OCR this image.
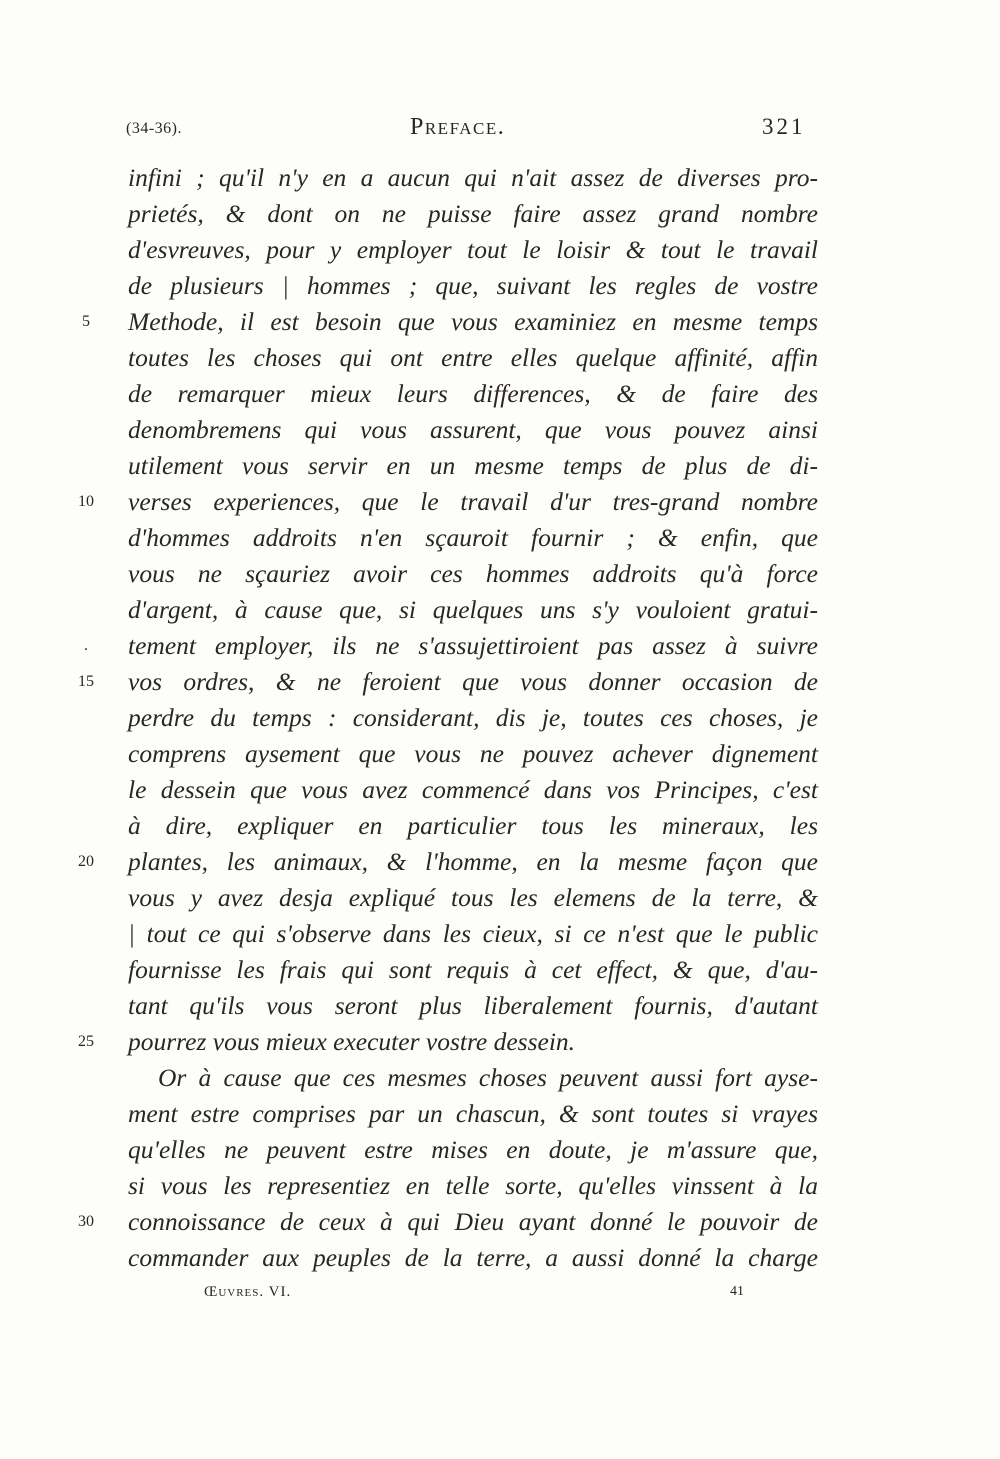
(34-36).	Preface.	321
infini ; qu'il n'y en a aucun qui n'ait assez de diverses pro-
prietés, & dont on ne puisse faire assez grand nombre
d'esvreuves, pour y employer tout le loisir & tout le travail
de plusieurs | hommes ; que, suivant les regles de vostre
5 Methode, il est besoin que vous examiniez en mesme temps
toutes les choses qui ont entre elles quelque affinité, affin
de remarquer mieux leurs differences, & de faire des
denombremens qui vous assurent, que vous pouvez ainsi
utilement vous servir en un mesme temps de plus de di-
10 verses experiences, que le travail d'ur tres-grand nombre
d'hommes addroits n'en sçauroit fournir ; & enfin, que
vous ne sçauriez avoir ces hommes addroits qu'à force
d'argent, à cause que, si quelques uns s'y vouloient gratui-
.	tement employer, ils ne s'assujettiroient pas assez à suivre
15 vos ordres, & ne feroient que vous donner occasion de
perdre du temps : considerant, dis je, toutes ces choses, je
comprens aysement que vous ne pouvez achever dignement
le dessein que vous avez commencé dans vos Principes, c'est
à dire, expliquer en particulier tous les mineraux, les
20 plantes, les animaux, & l'homme, en la mesme façon que
vous y avez desja expliqué tous les elemens de la terre, &
| tout ce qui s'observe dans les cieux, si ce n'est que le public
fournisse les frais qui sont requis à cet effect, & que, d'au-
tant qu'ils vous seront plus liberalement fournis, d'autant
25 pourrez vous mieux executer vostre dessein.
Or à cause que ces mesmes choses peuvent aussi fort ayse-
ment estre comprises par un chascun, & sont toutes si vrayes
qu'elles ne peuvent estre mises en doute, je m'assure que,
si vous les representiez en telle sorte, qu'elles vinssent à la
30 connoissance de ceux à qui Dieu ayant donné le pouvoir de
commander aux peuples de la terre, a aussi donné la charge
Œuvres. VI.	41
